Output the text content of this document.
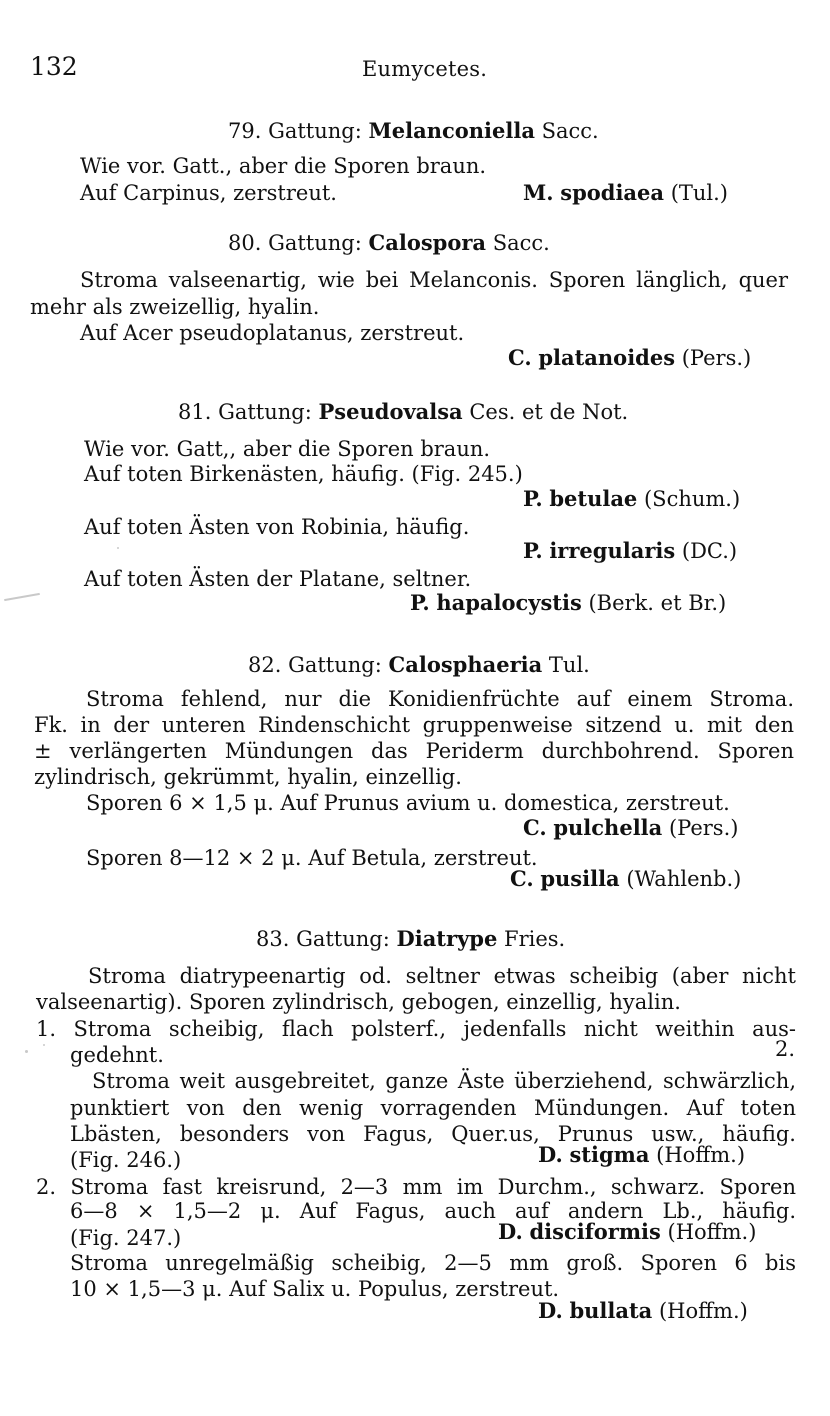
132	Eumycetes.
79. Gattung: Melanconiella Sacc.
Wie vor. Gatt., aber die Sporen braun.
Auf Carpinus, zerstreut.	M. spodiaea (Tul.)
80. Gattung: Calospora Sacc.
Stroma valseenartig, wie bei Melanconis. Sporen länglich, quer
mehr als zweizellig, hyalin.
Auf Acer pseudoplatanus, zerstreut.
C. platanoides (Pers.)
81. Gattung: Pseudovalsa Ces. et de Not.
Wie vor. Gatt,, aber die Sporen braun.
Auf toten Birkenästen, häufig. (Fig. 245.)
P. betulae (Schum.)
Auf toten Ästen von Robinia, häufig.
P. irregularis (DC.)
Auf toten Ästen der Platane, seltner.
P. hapalocystis (Berk. et Br.)
82. Gattung: Calosphaeria Tul.
Stroma fehlend, nur die Konidienfrüchte auf einem Stroma.
Fk. in der unteren Rindenschicht gruppenweise sitzend u. mit den
± verlängerten Mündungen das Periderm durchbohrend. Sporen
zylindrisch, gekrümmt, hyalin, einzellig.
Sporen 6 × 1,5 μ. Auf Prunus avium u. domestica, zerstreut.
C. pulchella (Pers.)
Sporen 8—12 × 2 μ. Auf Betula, zerstreut.
C. pusilla (Wahlenb.)
83. Gattung: Diatrype Fries.
Stroma diatrypeenartig od. seltner etwas scheibig (aber nicht
valseenartig). Sporen zylindrisch, gebogen, einzellig, hyalin.
1. Stroma scheibig, flach polsterf., jedenfalls nicht weithin aus-
gedehnt.	2.
Stroma weit ausgebreitet, ganze Äste überziehend, schwärzlich,
punktiert von den wenig vorragenden Mündungen. Auf toten
Lbästen, besonders von Fagus, Quer.us, Prunus usw., häufig.
(Fig. 246.)	D. stigma (Hoffm.)
2. Stroma fast kreisrund, 2—3 mm im Durchm., schwarz. Sporen
6—8 × 1,5—2 μ. Auf Fagus, auch auf andern Lb., häufig.
(Fig. 247.)	D. disciformis (Hoffm.)
Stroma unregelmäßig scheibig, 2—5 mm groß. Sporen 6 bis
10 × 1,5—3 μ. Auf Salix u. Populus, zerstreut.
D. bullata (Hoffm.)
